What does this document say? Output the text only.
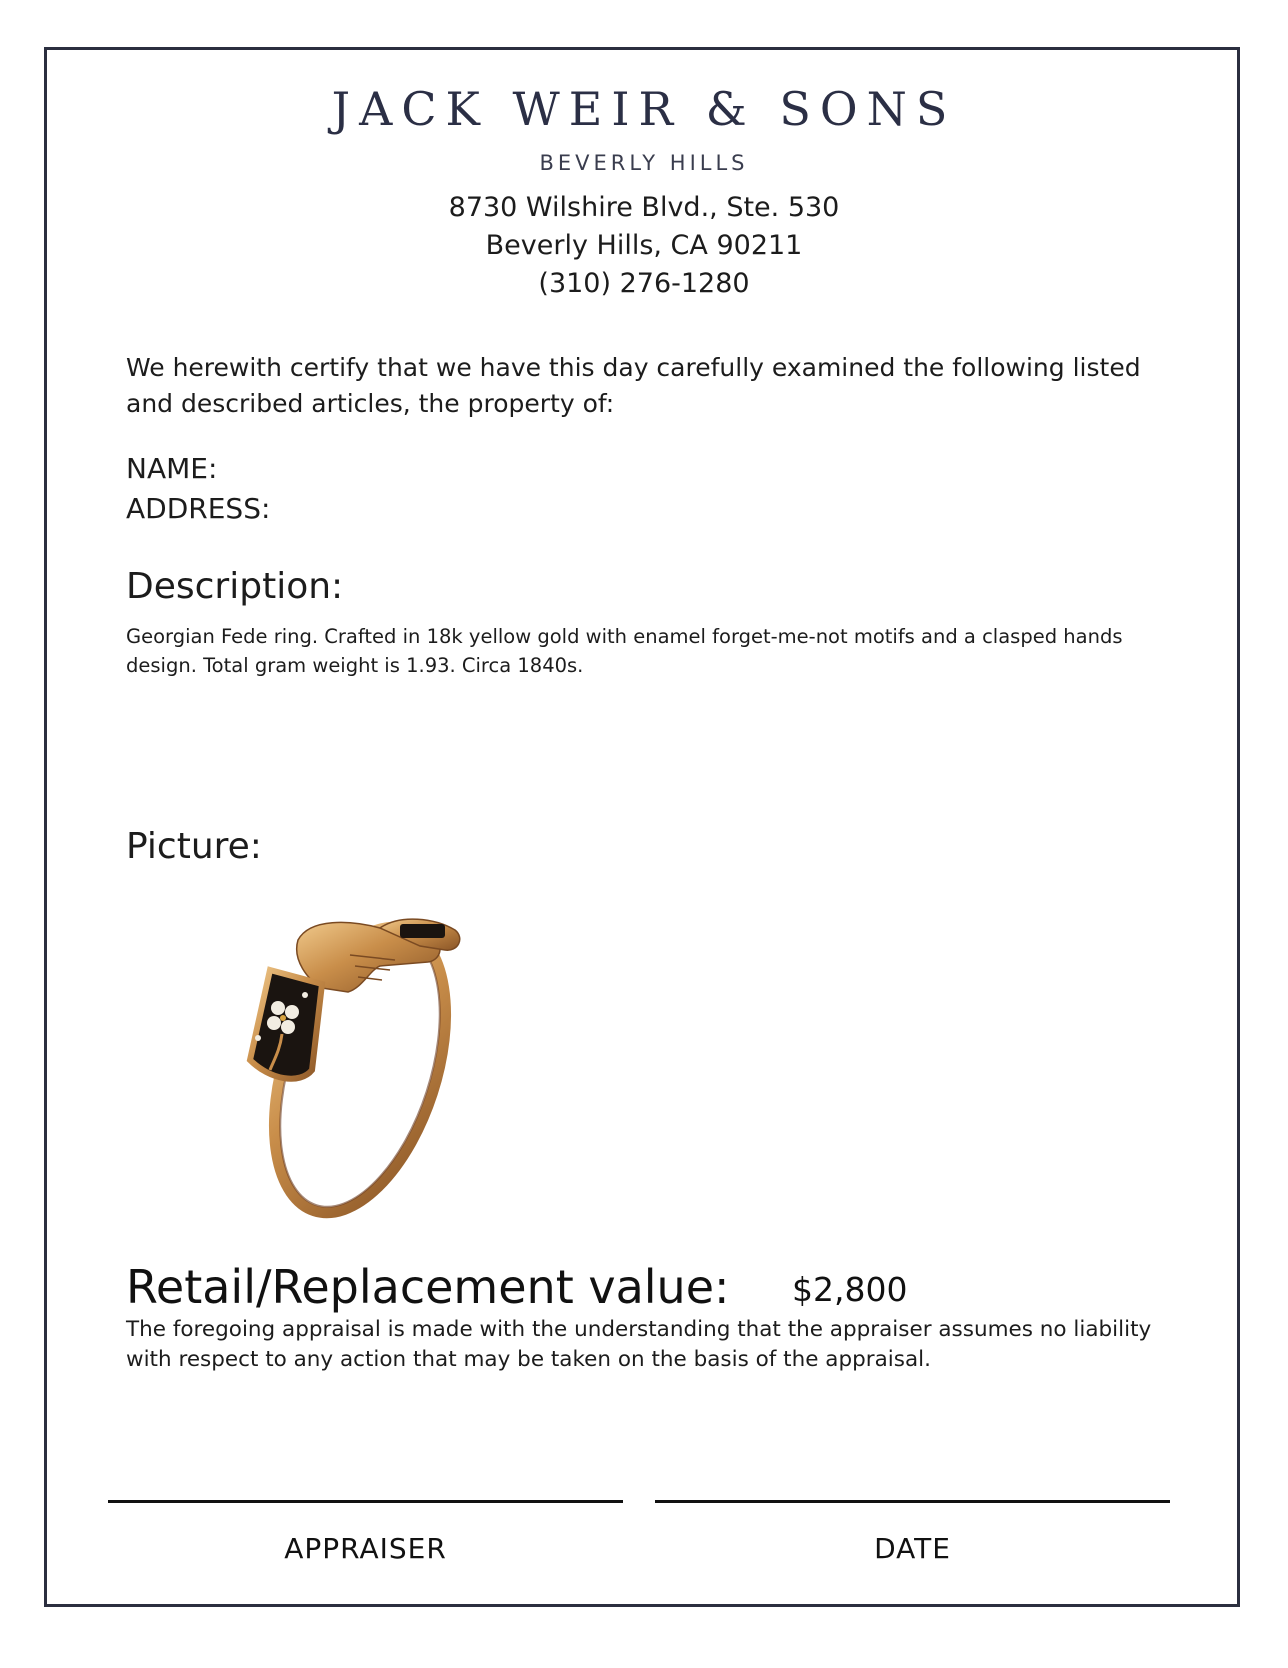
JACK WEIR & SONS
BEVERLY HILLS
8730 Wilshire Blvd., Ste. 530
Beverly Hills, CA 90211
(310) 276-1280
We herewith certify that we have this day carefully examined the following listed and described articles, the property of:
NAME:
ADDRESS:
Description:
Georgian Fede ring. Crafted in 18k yellow gold with enamel forget-me-not motifs and a clasped hands design. Total gram weight is 1.93. Circa 1840s.
Picture:
Retail/Replacement value: $2,800
The foregoing appraisal is made with the understanding that the appraiser assumes no liability with respect to any action that may be taken on the basis of the appraisal.
APPRAISER	DATE
